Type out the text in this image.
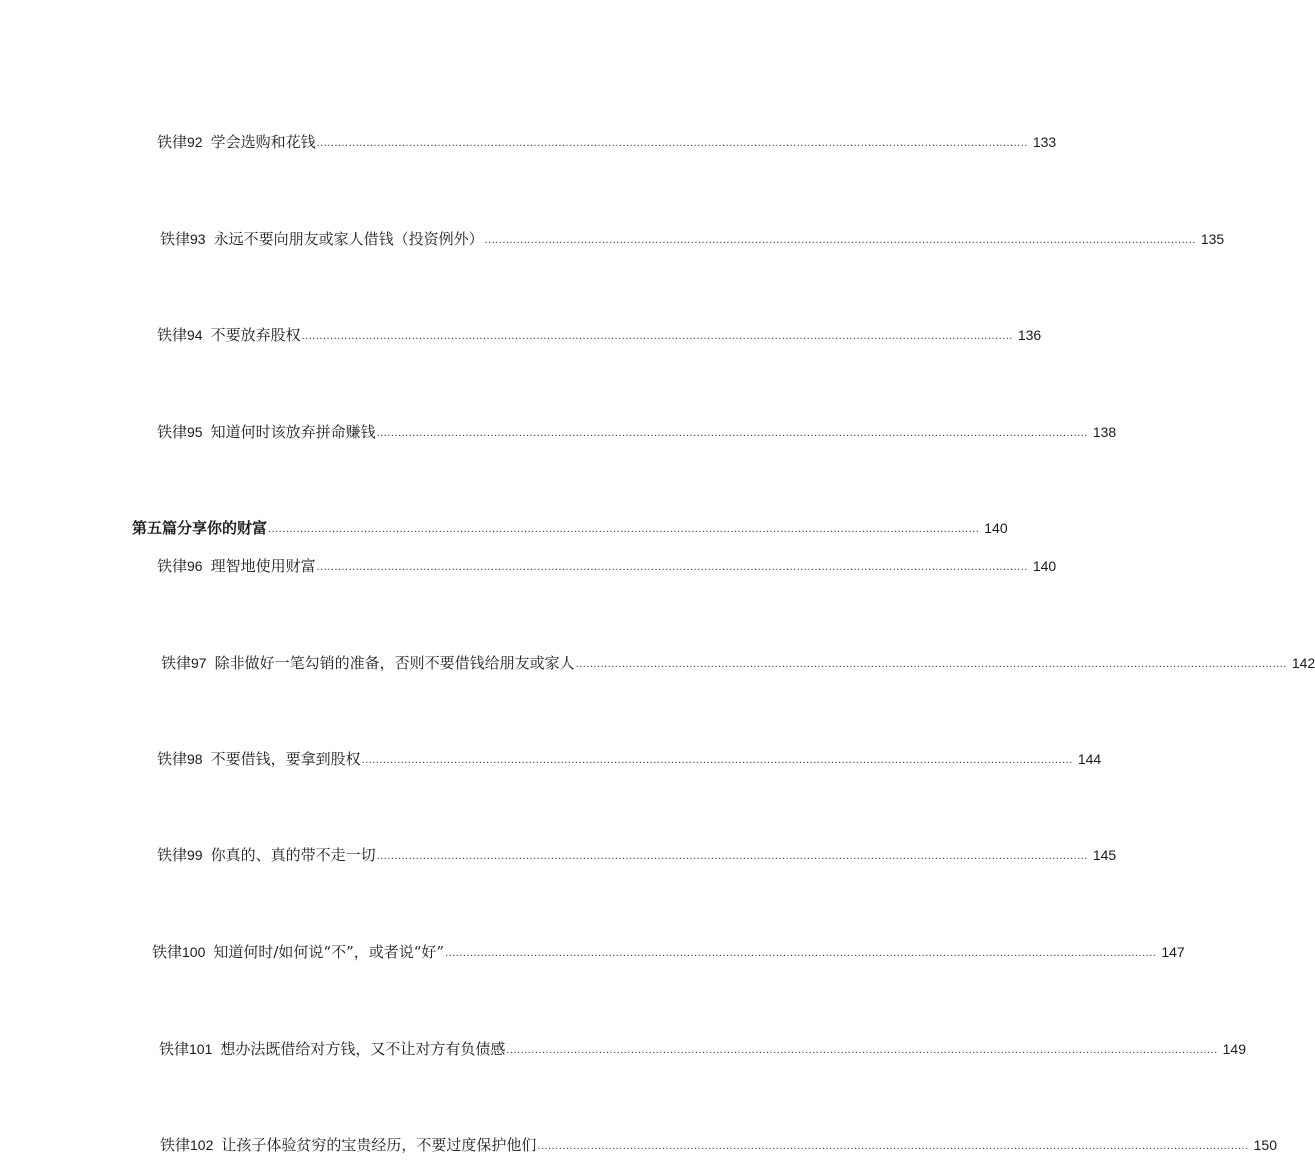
铁律 92 学会选购和花钱 ........................................................................................................................................................................................................ 133
铁律 93 永远不要向朋友或家人借钱（投资例外） ........................................................................................................................................................................................................ 135
铁律 94 不要放弃股权 ........................................................................................................................................................................................................ 136
铁律 95 知道何时该放弃拼命赚钱 ........................................................................................................................................................................................................ 138
第五篇分享你的财富 ........................................................................................................................................................................................................ 140
铁律 96 理智地使用财富 ........................................................................................................................................................................................................ 140
铁律 97 除非做好一笔勾销的准备，否则不要借钱给朋友或家人 ........................................................................................................................................................................................................ 142
铁律 98 不要借钱，要拿到股权 ........................................................................................................................................................................................................ 144
铁律 99 你真的、真的带不走一切 ........................................................................................................................................................................................................ 145
铁律 100 知道何时/如何说“不”，或者说“好” ........................................................................................................................................................................................................ 147
铁律 101 想办法既借给对方钱，又不让对方有负债感 ........................................................................................................................................................................................................ 149
铁律 102 让孩子体验贫穷的宝贵经历，不要过度保护他们 ........................................................................................................................................................................................................ 150
